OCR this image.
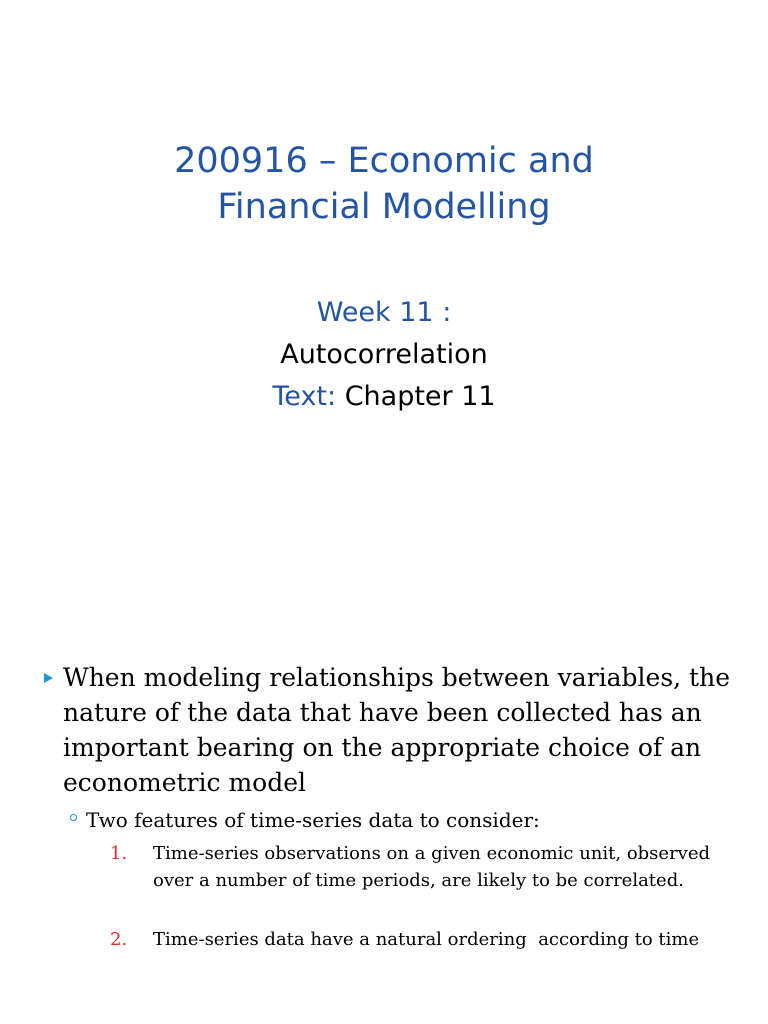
200916 – Economic and
Financial Modelling
Week 11 :
Autocorrelation
Text: Chapter 11
When modeling relationships between variables, the
nature of the data that have been collected has an
important bearing on the appropriate choice of an
econometric model
Two features of time-series data to consider:
1. Time-series observations on a given economic unit, observed
over a number of time periods, are likely to be correlated.
2. Time-series data have a natural ordering  according to time
